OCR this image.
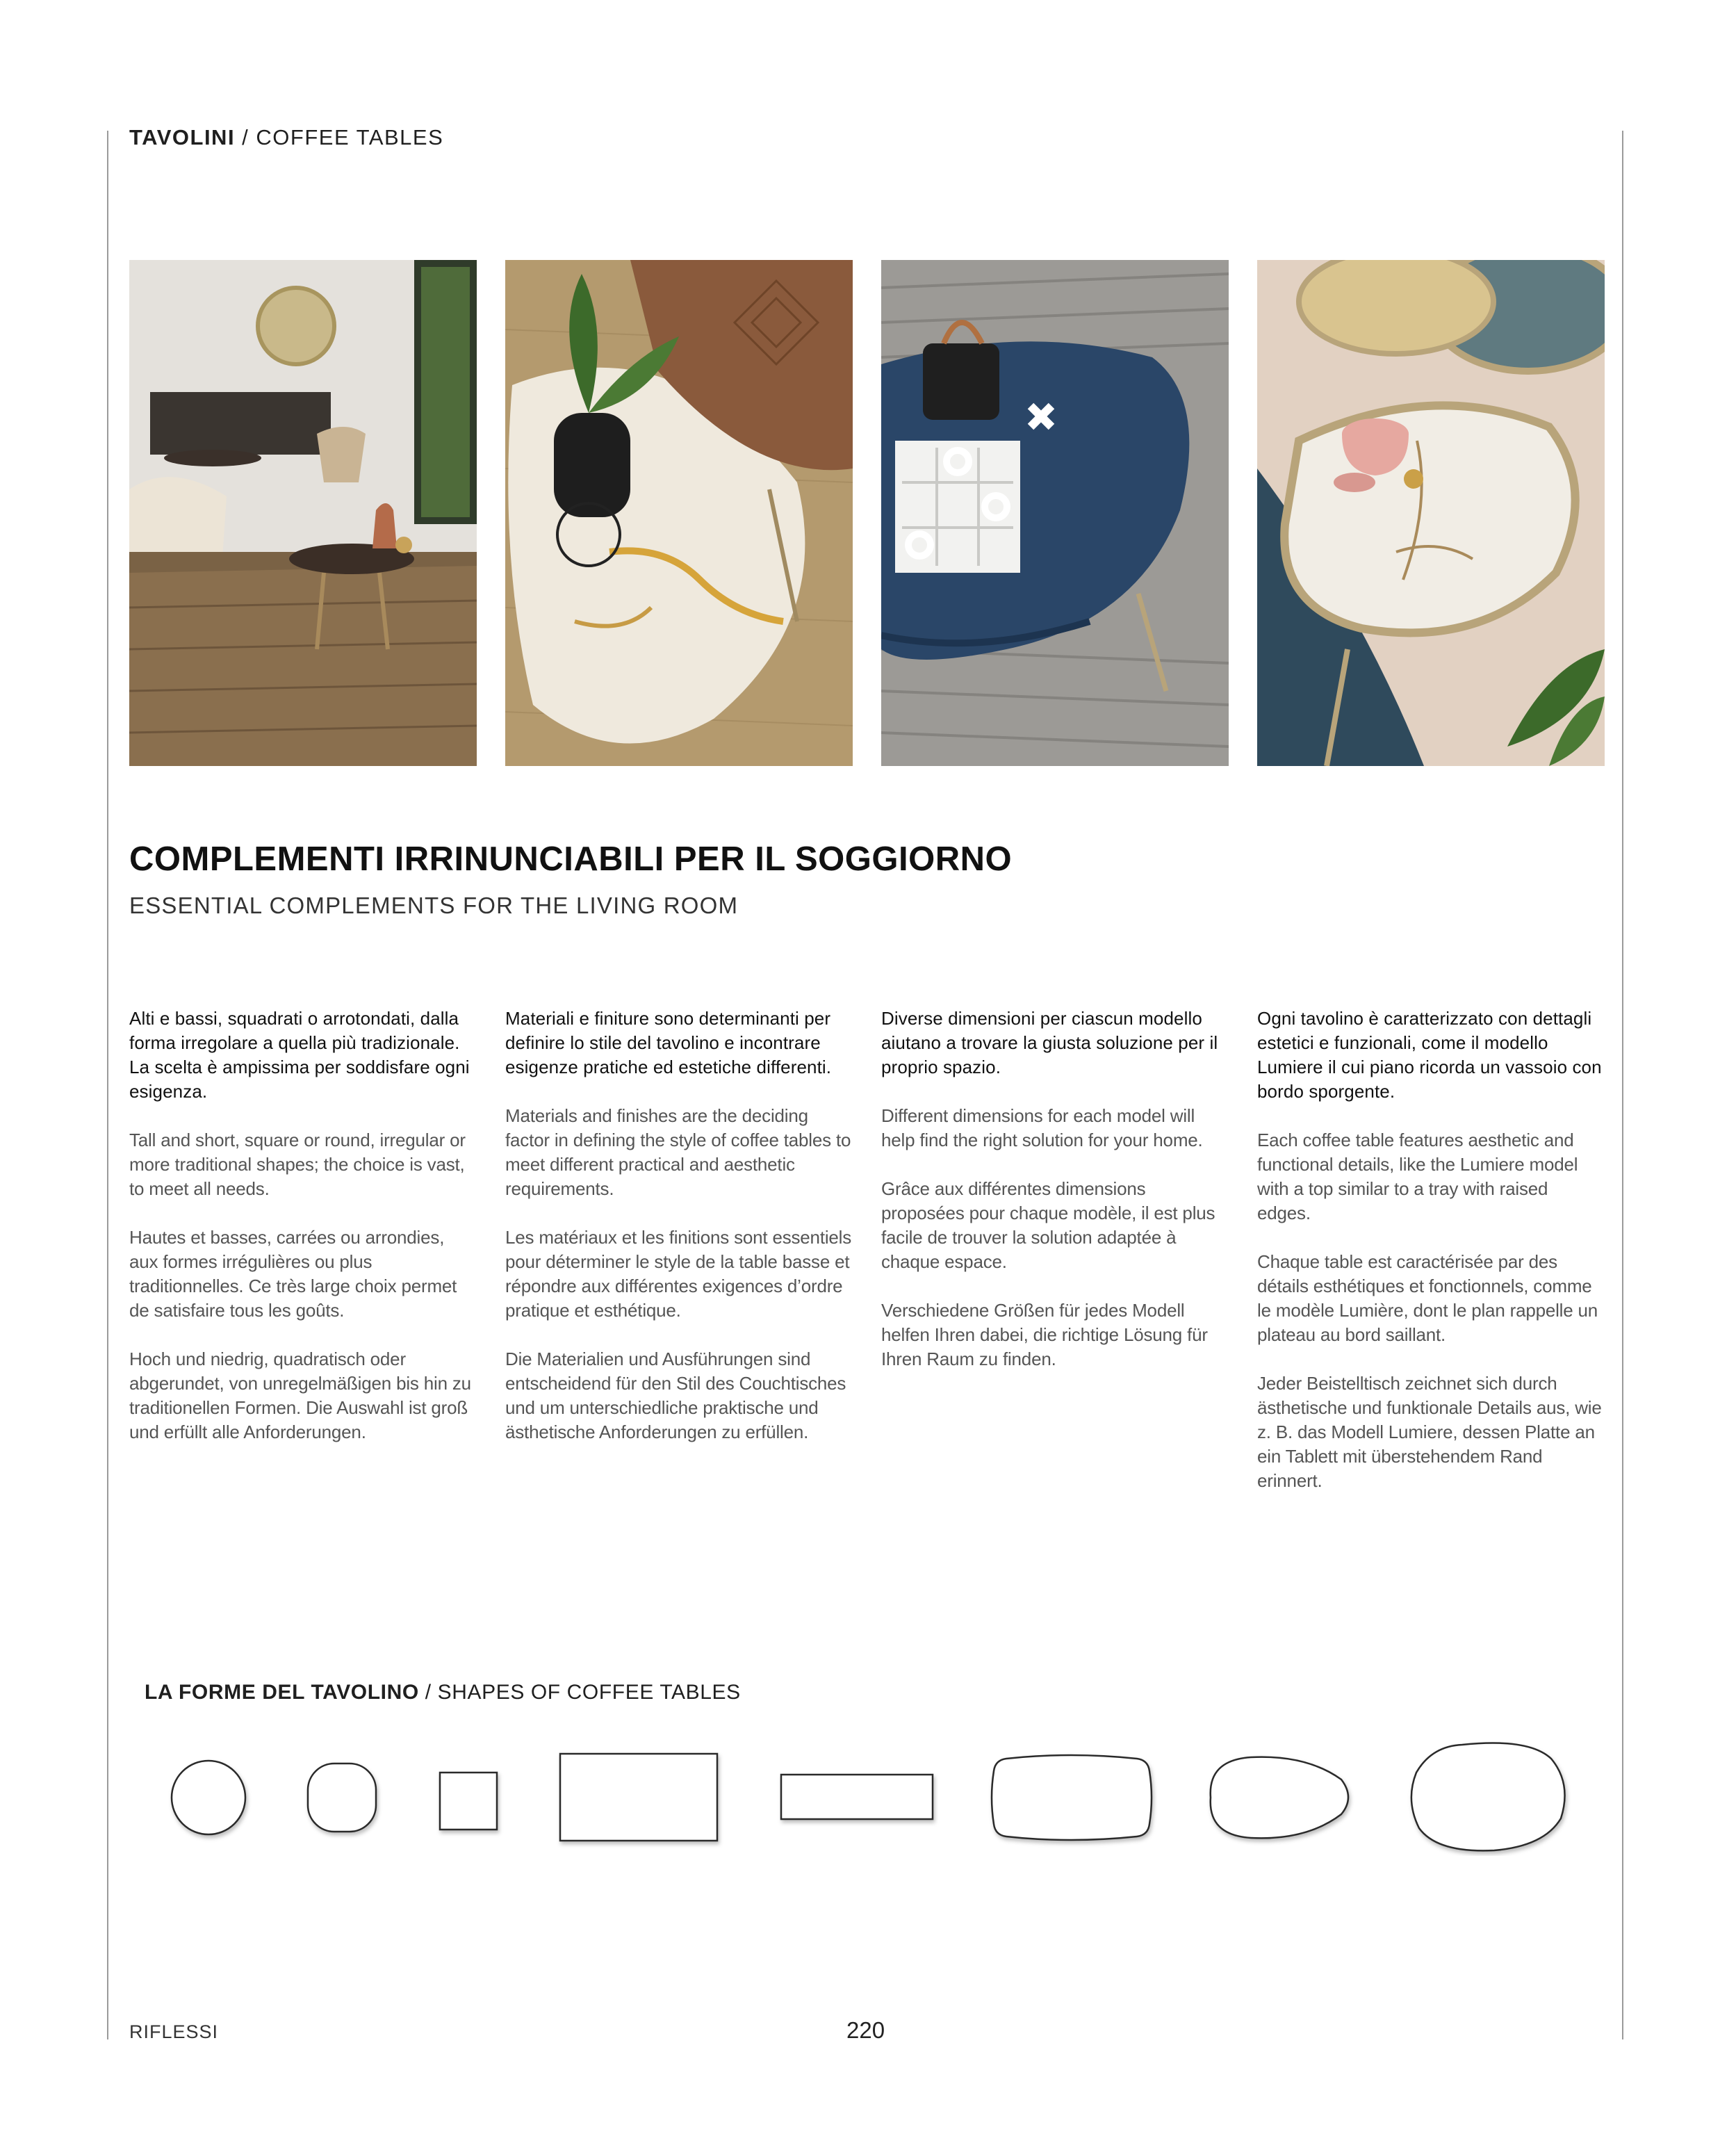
TAVOLINI / COFFEE TABLES
COMPLEMENTI IRRINUNCIABILI PER IL SOGGIORNO
ESSENTIAL COMPLEMENTS FOR THE LIVING ROOM

Alti e bassi, squadrati o arrotondati, dalla forma irregolare a quella più tradizionale. La scelta è ampissima per soddisfare ogni esigenza.

Tall and short, square or round, irregular or more traditional shapes; the choice is vast, to meet all needs.

Hautes et basses, carrées ou arrondies, aux formes irrégulières ou plus traditionnelles. Ce très large choix permet de satisfaire tous les goûts.

Hoch und niedrig, quadratisch oder abgerundet, von unregelmäßigen bis hin zu traditionellen Formen. Die Auswahl ist groß und erfüllt alle Anforderungen.

Materiali e finiture sono determinanti per definire lo stile del tavolino e incontrare esigenze pratiche ed estetiche differenti.

Materials and finishes are the deciding factor in defining the style of coffee tables to meet different practical and aesthetic requirements.

Les matériaux et les finitions sont essentiels pour déterminer le style de la table basse et répondre aux différentes exigences d’ordre pratique et esthétique.

Die Materialien und Ausführungen sind entscheidend für den Stil des Couchtisches und um unterschiedliche praktische und ästhetische Anforderungen zu erfüllen.

Diverse dimensioni per ciascun modello aiutano a trovare la giusta soluzione per il proprio spazio.

Different dimensions for each model will help find the right solution for your home.

Grâce aux différentes dimensions proposées pour chaque modèle, il est plus facile de trouver la solution adaptée à chaque espace.

Verschiedene Größen für jedes Modell helfen Ihren dabei, die richtige Lösung für Ihren Raum zu finden.

Ogni tavolino è caratterizzato con dettagli estetici e funzionali, come il modello Lumiere il cui piano ricorda un vassoio con bordo sporgente.

Each coffee table features aesthetic and functional details, like the Lumiere model with a top similar to a tray with raised edges.

Chaque table est caractérisée par des détails esthétiques et fonctionnels, comme le modèle Lumière, dont le plan rappelle un plateau au bord saillant.

Jeder Beistelltisch zeichnet sich durch ästhetische und funktionale Details aus, wie z. B. das Modell Lumiere, dessen Platte an ein Tablett mit überstehendem Rand erinnert.

LA FORME DEL TAVOLINO / SHAPES OF COFFEE TABLES
RIFLESSI	220
